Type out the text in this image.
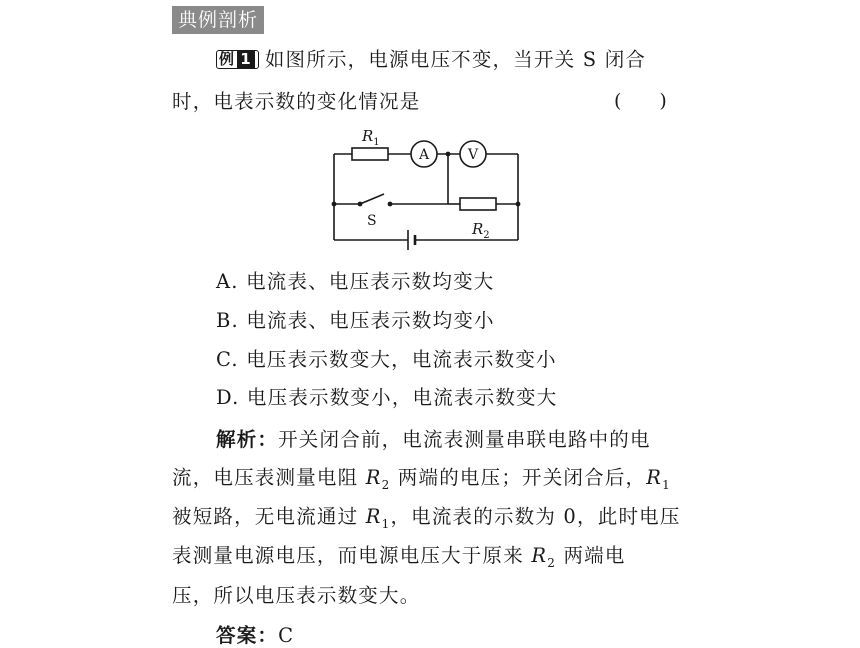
典例剖析
例 1 如图所示，电源电压不变，当开关 S 闭合
时，电表示数的变化情况是	(　　)
$R_1$
A	V
S	$R_2$
A. 电流表、电压表示数均变大
B. 电流表、电压表示数均变小
C. 电压表示数变大，电流表示数变小
D. 电压表示数变小，电流表示数变大
解析：开关闭合前，电流表测量串联电路中的电
流，电压表测量电阻 $R_2$ 两端的电压；开关闭合后，$R_1$
被短路，无电流通过 $R_1$，电流表的示数为 0，此时电压
表测量电源电压，而电源电压大于原来 $R_2$ 两端电
压，所以电压表示数变大。
答案：C
